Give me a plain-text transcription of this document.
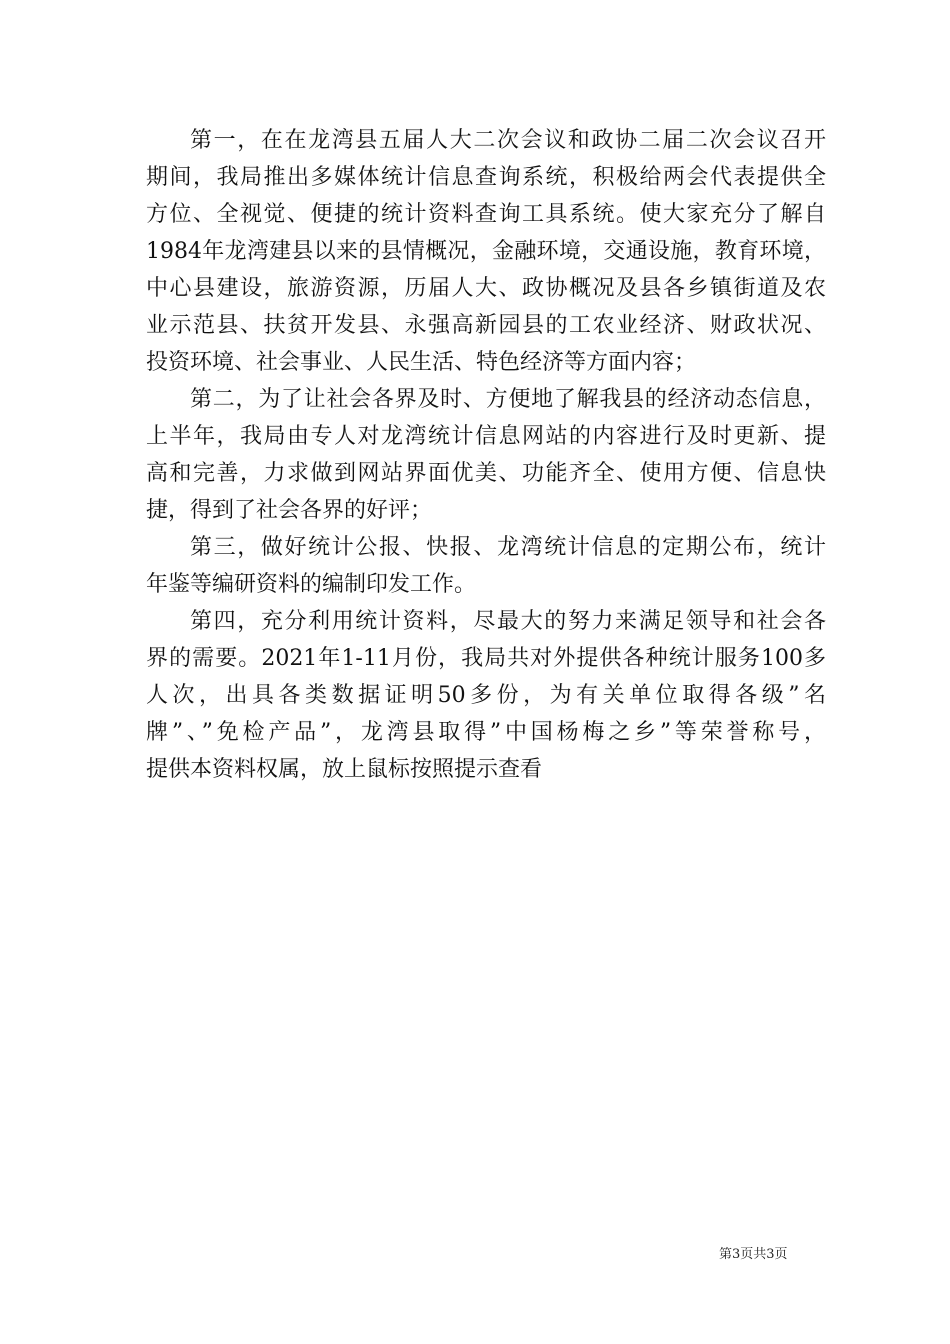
第一，在在龙湾县五届人大二次会议和政协二届二次会议召开
期间，我局推出多媒体统计信息查询系统，积极给两会代表提供全
方位、全视觉、便捷的统计资料查询工具系统。使大家充分了解自
1984年龙湾建县以来的县情概况，金融环境，交通设施，教育环境，
中心县建设，旅游资源，历届人大、政协概况及县各乡镇街道及农
业示范县、扶贫开发县、永强高新园县的工农业经济、财政状况、
投资环境、社会事业、人民生活、特色经济等方面内容；
第二，为了让社会各界及时、方便地了解我县的经济动态信息，
上半年，我局由专人对龙湾统计信息网站的内容进行及时更新、提
高和完善，力求做到网站界面优美、功能齐全、使用方便、信息快
捷，得到了社会各界的好评；
第三，做好统计公报、快报、龙湾统计信息的定期公布，统计
年鉴等编研资料的编制印发工作。
第四，充分利用统计资料，尽最大的努力来满足领导和社会各
界的需要。2021年1-11月份，我局共对外提供各种统计服务100多
人次，出具各类数据证明50多份，为有关单位取得各级”名
牌”、”免检产品”，龙湾县取得”中国杨梅之乡”等荣誉称号，
提供本资料权属，放上鼠标按照提示查看
第3页共3页
